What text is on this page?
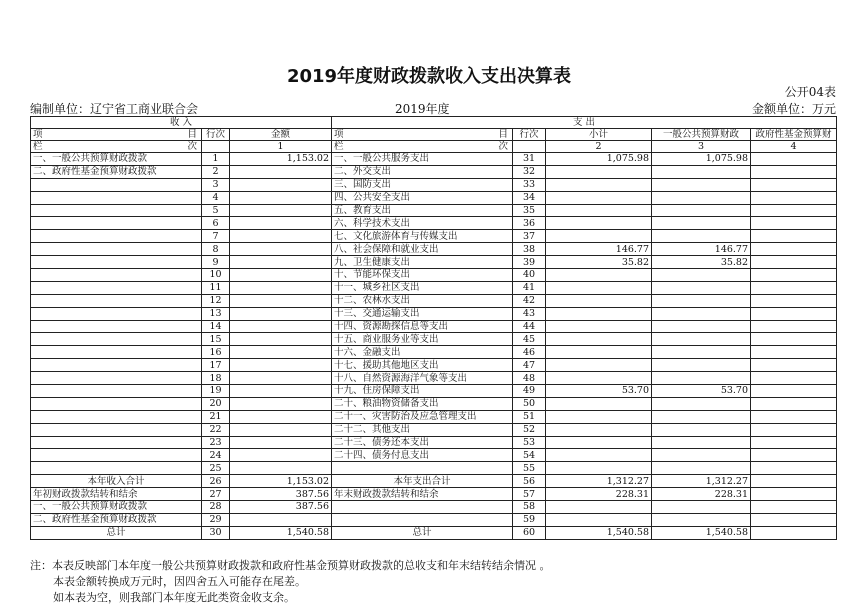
2019年度财政拨款收入支出决算表
公开04表
编制单位：辽宁省工商业联合会	2019年度	金额单位：万元
收 入			支 出				

项 目	行次	金额	项 目	行次	小计	一般公共预算财政	政府性基金预算财

栏 次		1	栏 次		2	3	4
一、一般公共预算财政拨款	1	1,153.02	一、一般公共服务支出	31	1,075.98	1,075.98	
二、政府性基金预算财政拨款	2		二、外交支出	32			
	3		三、国防支出	33			
	4		四、公共安全支出	34			
	5		五、教育支出	35			
	6		六、科学技术支出	36			
	7		七、文化旅游体育与传媒支出	37			
	8		八、社会保障和就业支出	38	146.77	146.77	
	9		九、卫生健康支出	39	35.82	35.82	
	10		十、节能环保支出	40			
	11		十一、城乡社区支出	41			
	12		十二、农林水支出	42			
	13		十三、交通运输支出	43			
	14		十四、资源勘探信息等支出	44			
	15		十五、商业服务业等支出	45			
	16		十六、金融支出	46			
	17		十七、援助其他地区支出	47			
	18		十八、自然资源海洋气象等支出	48			
	19		十九、住房保障支出	49	53.70	53.70	
	20		二十、粮油物资储备支出	50			
	21		二十一、灾害防治及应急管理支出	51			
	22		二十二、其他支出	52			
	23		二十三、债务还本支出	53			
	24		二十四、债务付息支出	54			
	25			55			
本年收入合计	26	1,153.02	本年支出合计	56	1,312.27	1,312.27	
年初财政拨款结转和结余	27	387.56	年末财政拨款结转和结余	57	228.31	228.31	
一、一般公共预算财政拨款	28	387.56		58			
二、政府性基金预算财政拨款	29			59			
总计	30	1,540.58	总计	60	1,540.58	1,540.58	
注：本表反映部门本年度一般公共预算财政拨款和政府性基金预算财政拨款的总收支和年末结转结余情况 。
本表金额转换成万元时，因四舍五入可能存在尾差。
如本表为空，则我部门本年度无此类资金收支余。
